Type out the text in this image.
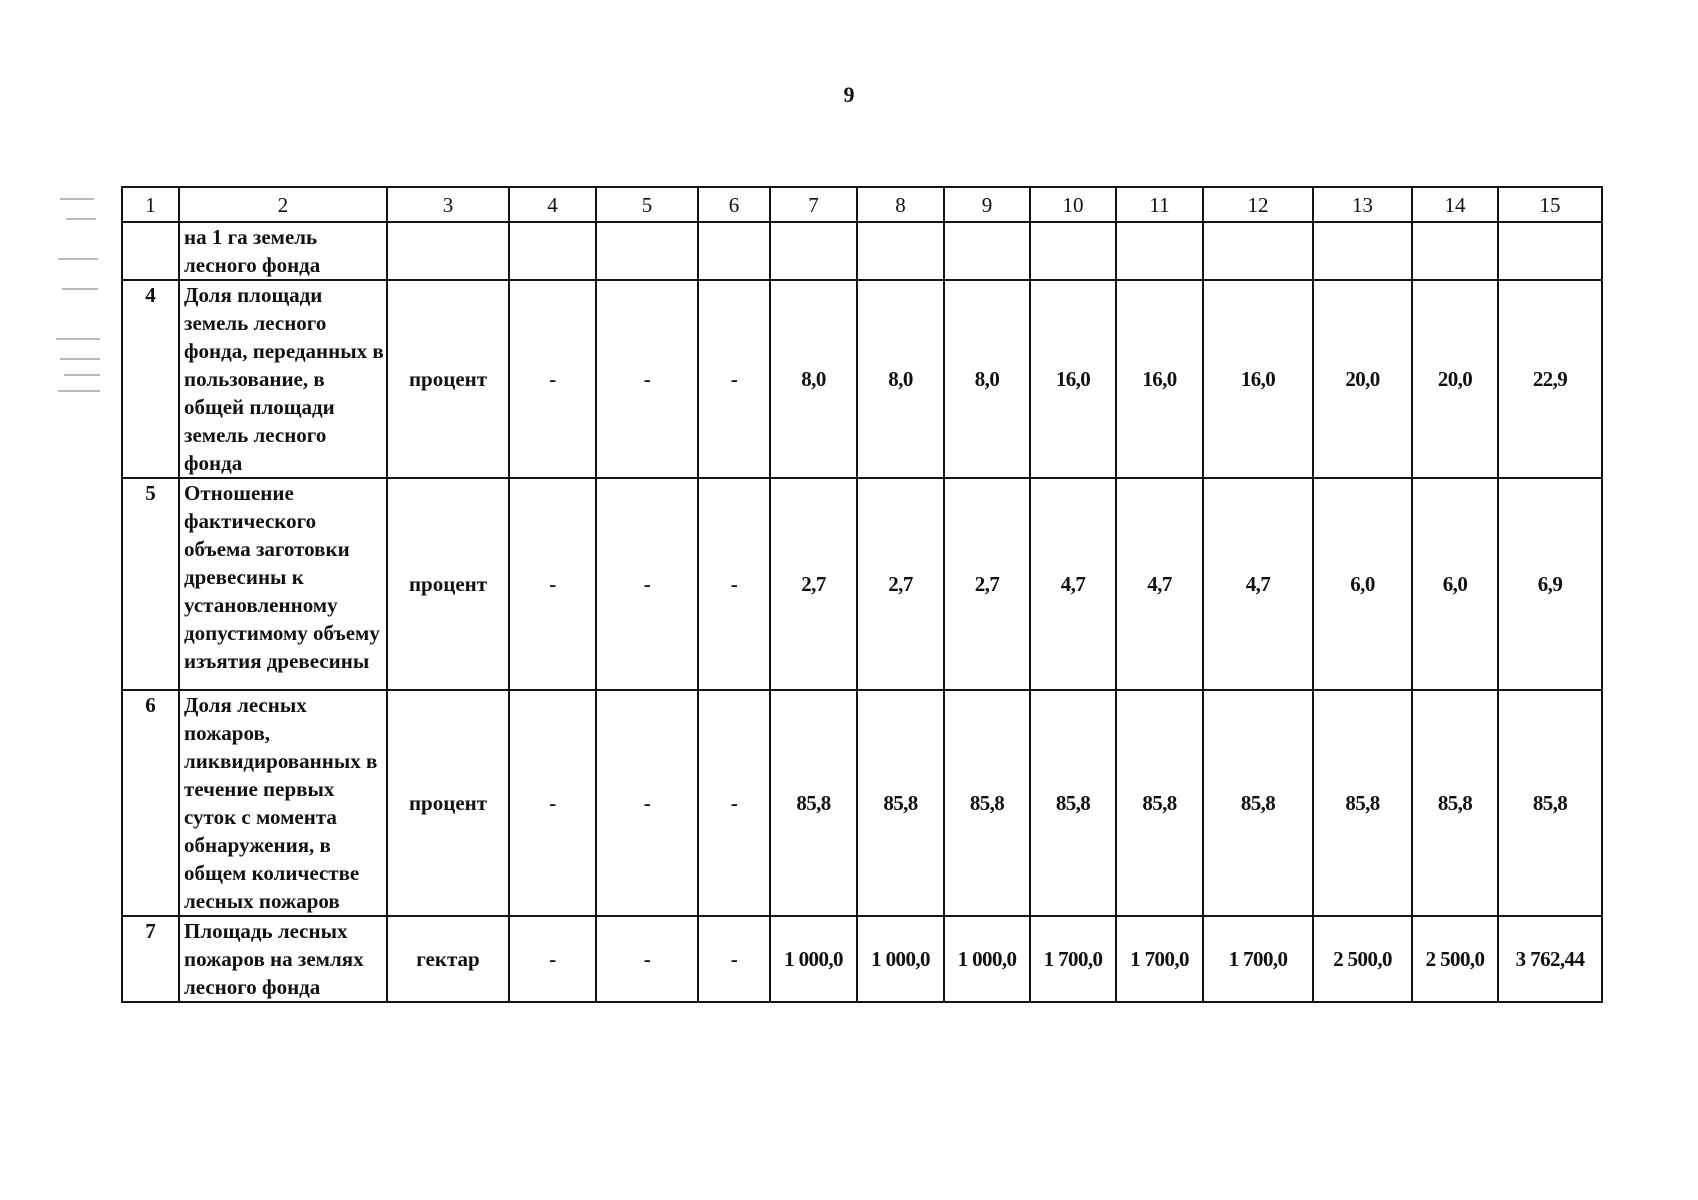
9
1	2	3	4	5	6	7	8	9	10	11	12	13	14	15
	на 1 га земель лесного фонда													
4	Доля площади земель лесного фонда, переданных в пользование, в общей площади земель лесного фонда	процент	-	-	-	8,0	8,0	8,0	16,0	16,0	16,0	20,0	20,0	22,9
5	Отношение фактического объема заготовки древесины к установленному допустимому объему изъятия древесины	процент	-	-	-	2,7	2,7	2,7	4,7	4,7	4,7	6,0	6,0	6,9
6	Доля лесных пожаров, ликвидированных в течение первых суток с момента обнаружения, в общем количестве лесных пожаров	процент	-	-	-	85,8	85,8	85,8	85,8	85,8	85,8	85,8	85,8	85,8
7	Площадь лесных пожаров на землях лесного фонда	гектар	-	-	-	1 000,0	1 000,0	1 000,0	1 700,0	1 700,0	1 700,0	2 500,0	2 500,0	3 762,44
